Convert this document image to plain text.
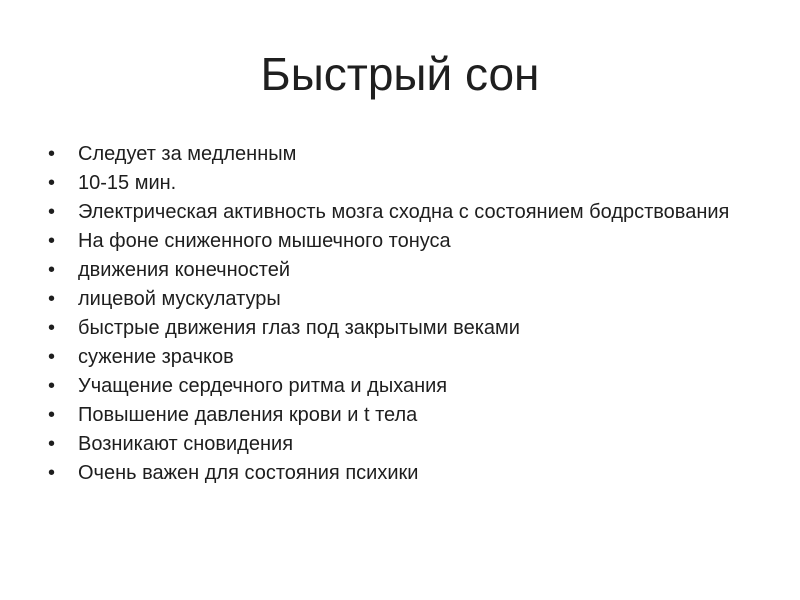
Быстрый сон
• Следует за медленным
• 10-15 мин.
• Электрическая активность мозга сходна с состоянием бодрствования
• На фоне сниженного мышечного тонуса
• движения конечностей
• лицевой мускулатуры
• быстрые движения глаз под закрытыми веками
• сужение зрачков
• Учащение сердечного ритма и дыхания
• Повышение давления крови и t тела
• Возникают сновидения
• Очень важен для состояния психики
